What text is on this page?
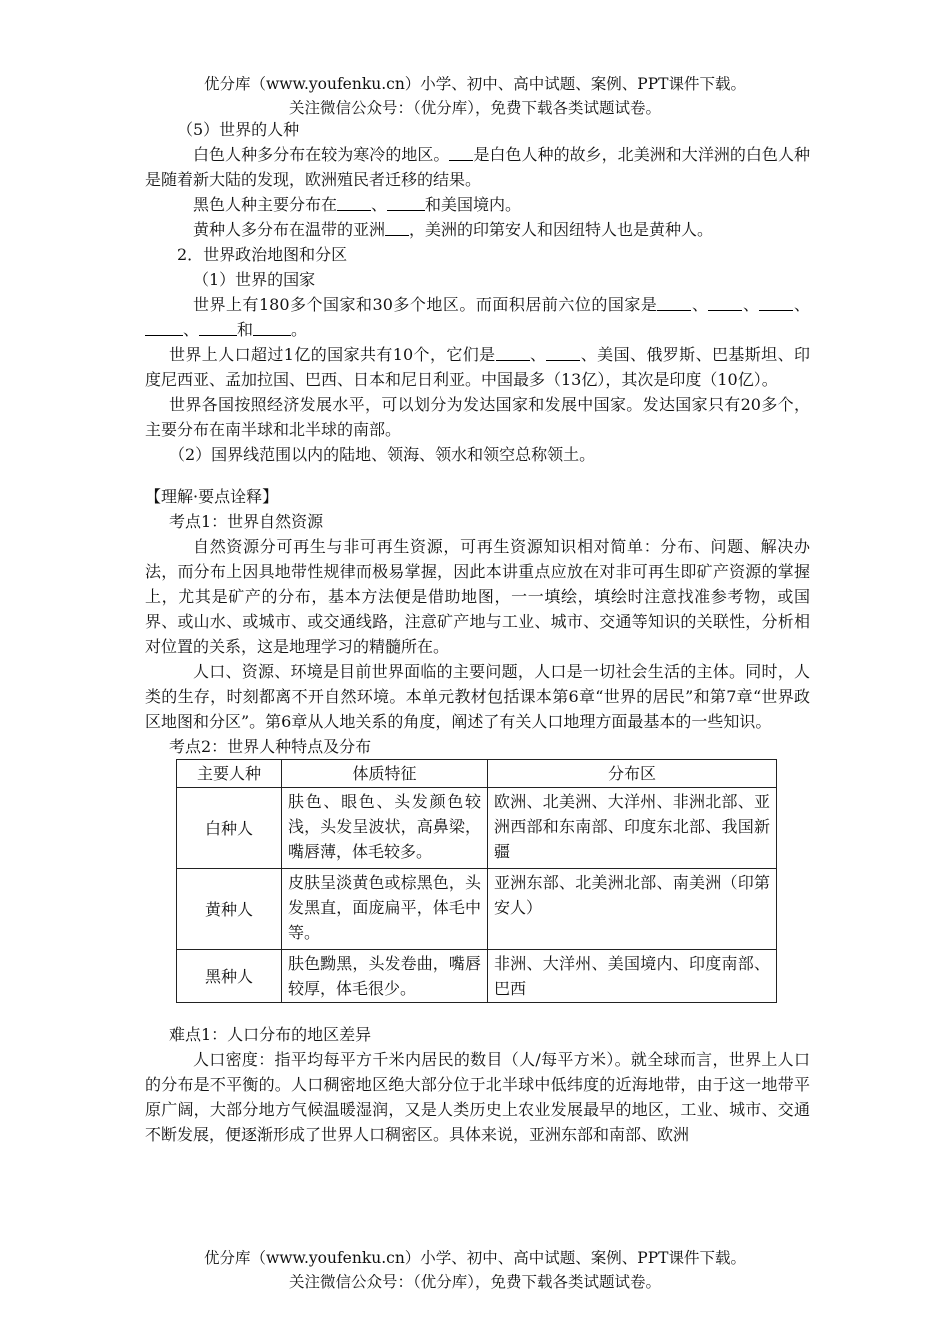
优分库（www.youfenku.cn）小学、初中、高中试题、案例、PPT课件下载。
关注微信公众号：（优分库），免费下载各类试题试卷。

（5）世界的人种

白色人种多分布在较为寒冷的地区。 是白色人种的故乡，北美洲和大洋洲的白色人种是随着新大陆的发现，欧洲殖民者迁移的结果。

黑色人种主要分布在 、 和美国境内。

黄种人多分布在温带的亚洲 ，美洲的印第安人和因纽特人也是黄种人。

2．世界政治地图和分区

（1）世界的国家

世界上有180多个国家和30多个地区。而面积居前六位的国家是 、 、 、、 和 。

世界上人口超过1亿的国家共有10个，它们是 、 、美国、俄罗斯、巴基斯坦、印度尼西亚、孟加拉国、巴西、日本和尼日利亚。中国最多（13亿），其次是印度（10亿）。

世界各国按照经济发展水平，可以划分为发达国家和发展中国家。发达国家只有20多个，主要分布在南半球和北半球的南部。

（2）国界线范围以内的陆地、领海、领水和领空总称领土。

【理解·要点诠释】

考点1：世界自然资源

自然资源分可再生与非可再生资源，可再生资源知识相对简单：分布、问题、解决办法，而分布上因具地带性规律而极易掌握，因此本讲重点应放在对非可再生即矿产资源的掌握上，尤其是矿产的分布，基本方法便是借助地图，一一填绘，填绘时注意找准参考物，或国界、或山水、或城市、或交通线路，注意矿产地与工业、城市、交通等知识的关联性，分析相对位置的关系，这是地理学习的精髓所在。

人口、资源、环境是目前世界面临的主要问题，人口是一切社会生活的主体。同时，人类的生存，时刻都离不开自然环境。本单元教材包括课本第6章“世界的居民”和第7章“世界政区地图和分区”。第6章从人地关系的角度，阐述了有关人口地理方面最基本的一些知识。

考点2：世界人种特点及分布

主要人种	体质特征	分布区
白种人	肤色、眼色、头发颜色较浅，头发呈波状，高鼻梁，嘴唇薄，体毛较多。	欧洲、北美洲、大洋州、非洲北部、亚洲西部和东南部、印度东北部、我国新疆
黄种人	皮肤呈淡黄色或棕黑色，头发黑直，面庞扁平，体毛中等。	亚洲东部、北美洲北部、南美洲（印第安人）
黑种人	肤色黝黑，头发卷曲，嘴唇较厚，体毛很少。	非洲、大洋州、美国境内、印度南部、巴西

难点1：人口分布的地区差异

人口密度：指平均每平方千米内居民的数目（人/每平方米）。就全球而言，世界上人口的分布是不平衡的。人口稠密地区绝大部分位于北半球中低纬度的近海地带，由于这一地带平原广阔，大部分地方气候温暖湿润，又是人类历史上农业发展最早的地区，工业、城市、交通不断发展，便逐渐形成了世界人口稠密区。具体来说，亚洲东部和南部、欧洲

优分库（www.youfenku.cn）小学、初中、高中试题、案例、PPT课件下载。
关注微信公众号：（优分库），免费下载各类试题试卷。
